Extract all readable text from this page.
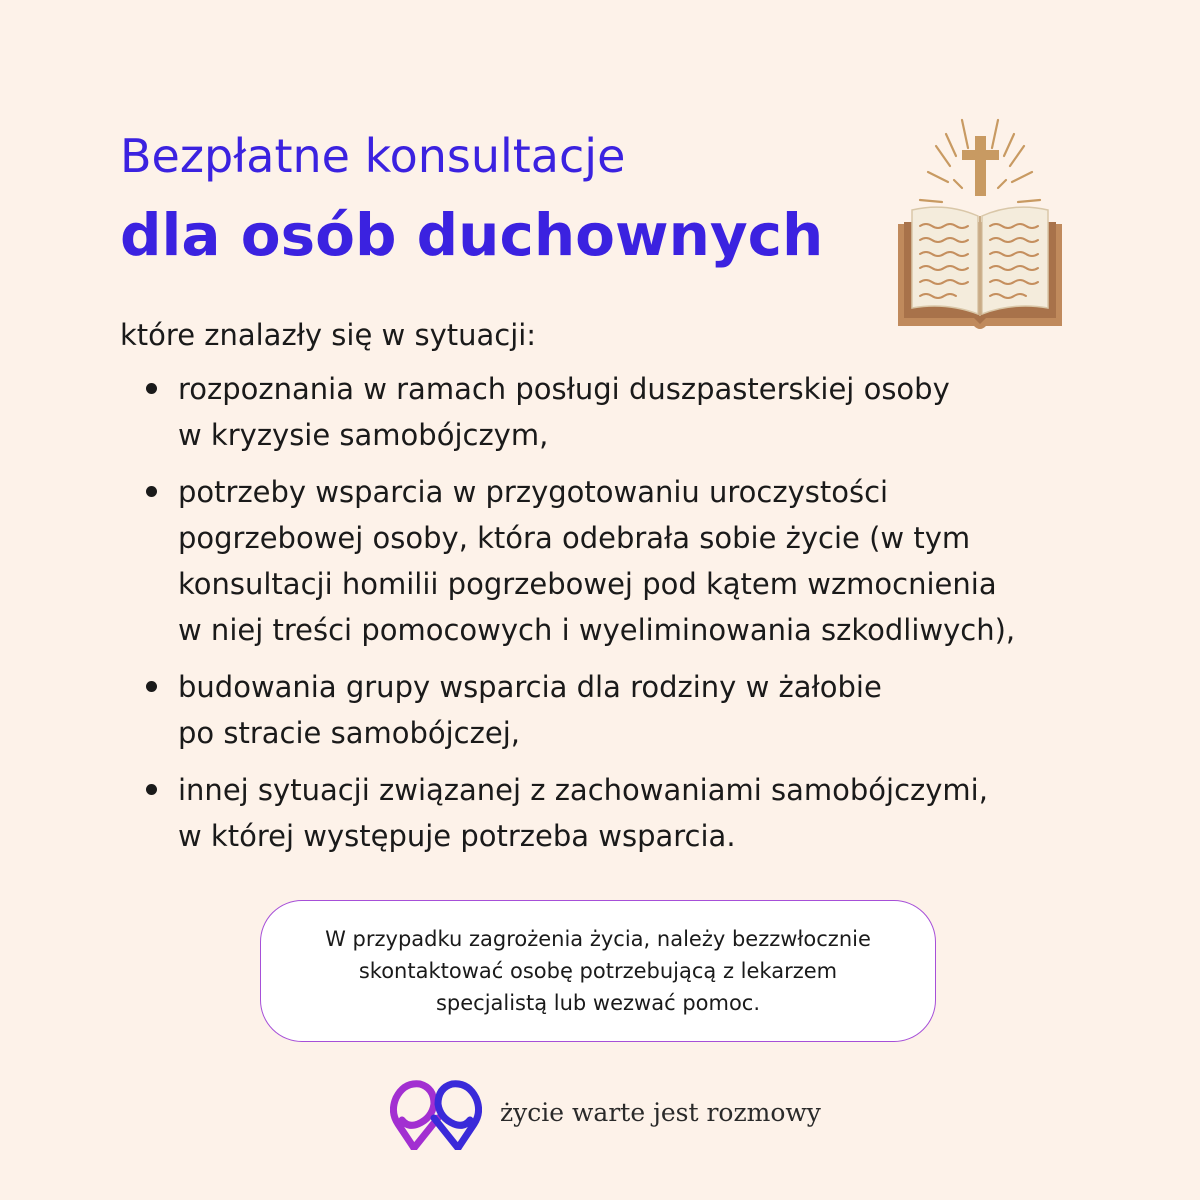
Bezpłatne konsultacje
dla osób duchownych

które znalazły się w sytuacji:

rozpoznania w ramach posługi duszpasterskiej osoby
w kryzysie samobójczym,
potrzeby wsparcia w przygotowaniu uroczystości
pogrzebowej osoby, która odebrała sobie życie (w tym
konsultacji homilii pogrzebowej pod kątem wzmocnienia
w niej treści pomocowych i wyeliminowania szkodliwych),
budowania grupy wsparcia dla rodziny w żałobie
po stracie samobójczej,
innej sytuacji związanej z zachowaniami samobójczymi,
w której występuje potrzeba wsparcia.
W przypadku zagrożenia życia, należy bezzwłocznie
skontaktować osobę potrzebującą z lekarzem
specjalistą lub wezwać pomoc.
życie warte jest rozmowy
